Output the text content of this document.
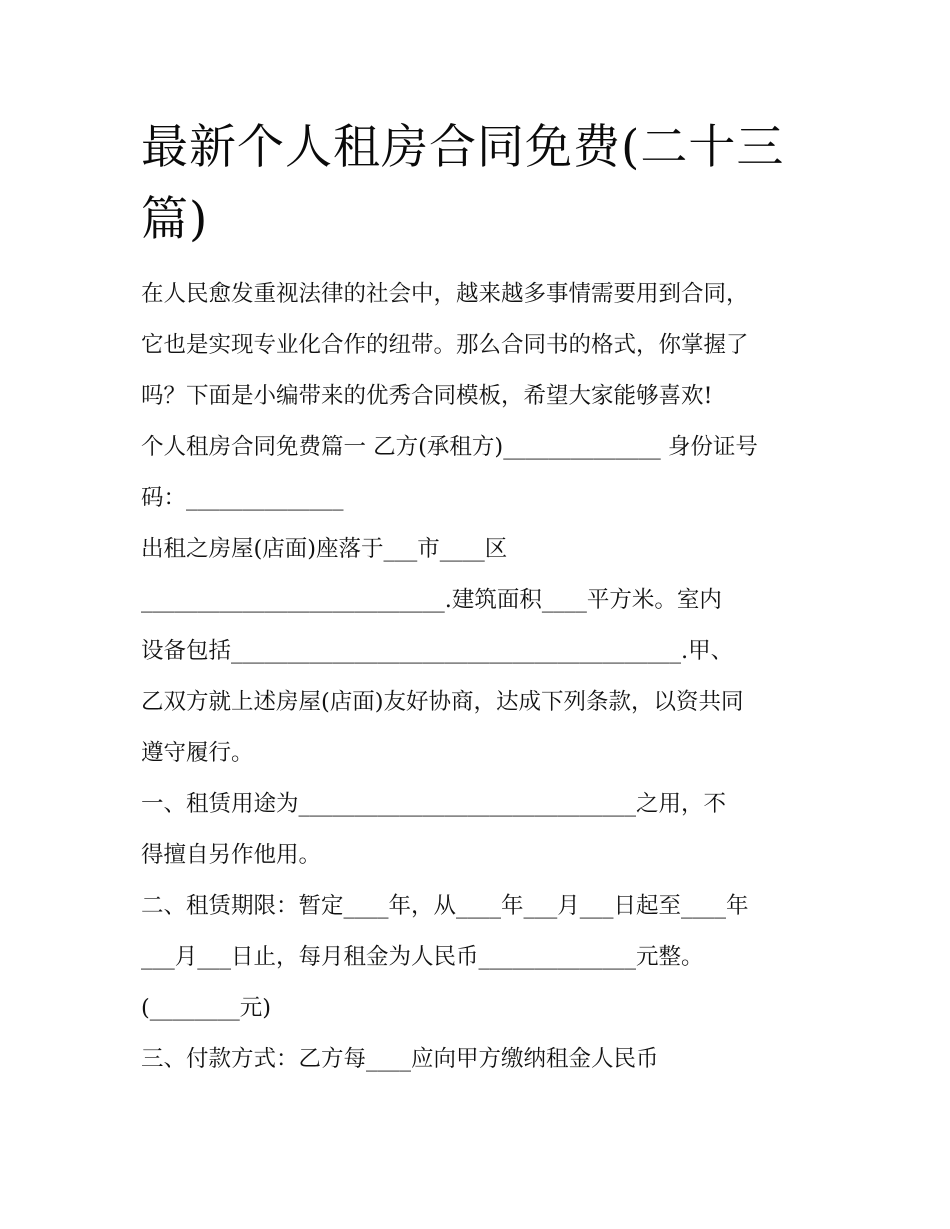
最新个人租房合同免费(二十三
篇)
在人民愈发重视法律的社会中，越来越多事情需要用到合同，
它也是实现专业化合作的纽带。那么合同书的格式，你掌握了
吗？下面是小编带来的优秀合同模板，希望大家能够喜欢!
个人租房合同免费篇一 乙方(承租方)______________ 身份证号
码：______________
出租之房屋(店面)座落于___市____区
___________________________.建筑面积____平方米。室内
设备包括________________________________________.甲、
乙双方就上述房屋(店面)友好协商，达成下列条款，以资共同
遵守履行。
一、租赁用途为______________________________之用，不
得擅自另作他用。
二、租赁期限：暂定____年，从____年___月___日起至____年
___月___日止，每月租金为人民币______________元整。
(________元)
三、付款方式：乙方每____应向甲方缴纳租金人民币
